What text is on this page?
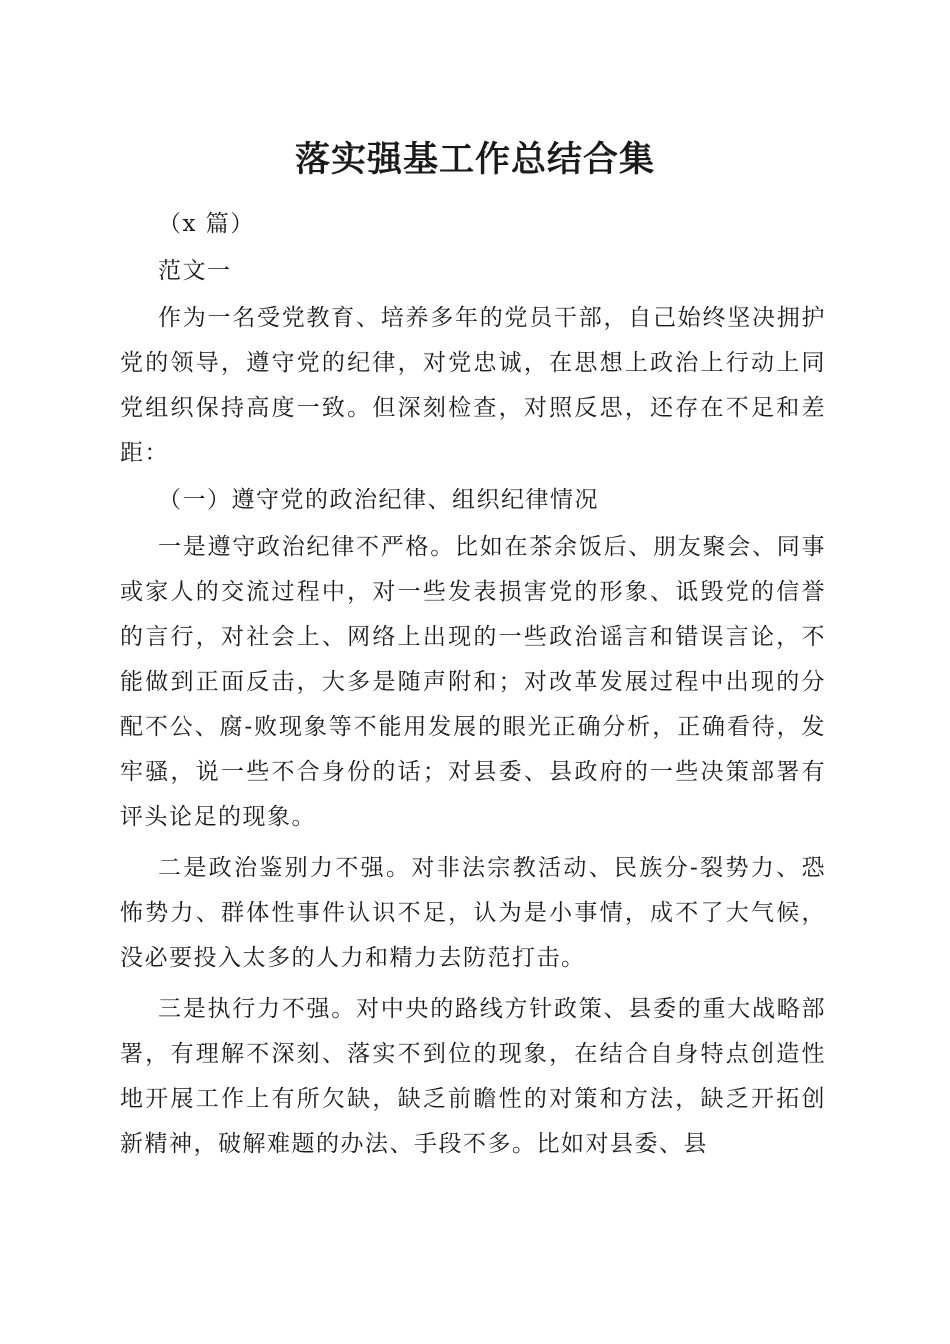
落实强基工作总结合集

（x 篇）

范文一

作为一名受党教育、培养多年的党员干部，自己始终坚决拥护党的领导，遵守党的纪律，对党忠诚，在思想上政治上行动上同党组织保持高度一致。但深刻检查，对照反思，还存在不足和差距：

（一）遵守党的政治纪律、组织纪律情况

一是遵守政治纪律不严格。比如在茶余饭后、朋友聚会、同事或家人的交流过程中，对一些发表损害党的形象、诋毁党的信誉的言行，对社会上、网络上出现的一些政治谣言和错误言论，不能做到正面反击，大多是随声附和；对改革发展过程中出现的分配不公、腐-败现象等不能用发展的眼光正确分析，正确看待，发牢骚，说一些不合身份的话；对县委、县政府的一些决策部署有评头论足的现象。

二是政治鉴别力不强。对非法宗教活动、民族分-裂势力、恐怖势力、群体性事件认识不足，认为是小事情，成不了大气候，没必要投入太多的人力和精力去防范打击。

三是执行力不强。对中央的路线方针政策、县委的重大战略部署，有理解不深刻、落实不到位的现象，在结合自身特点创造性地开展工作上有所欠缺，缺乏前瞻性的对策和方法，缺乏开拓创新精神，破解难题的办法、手段不多。比如对县委、县
